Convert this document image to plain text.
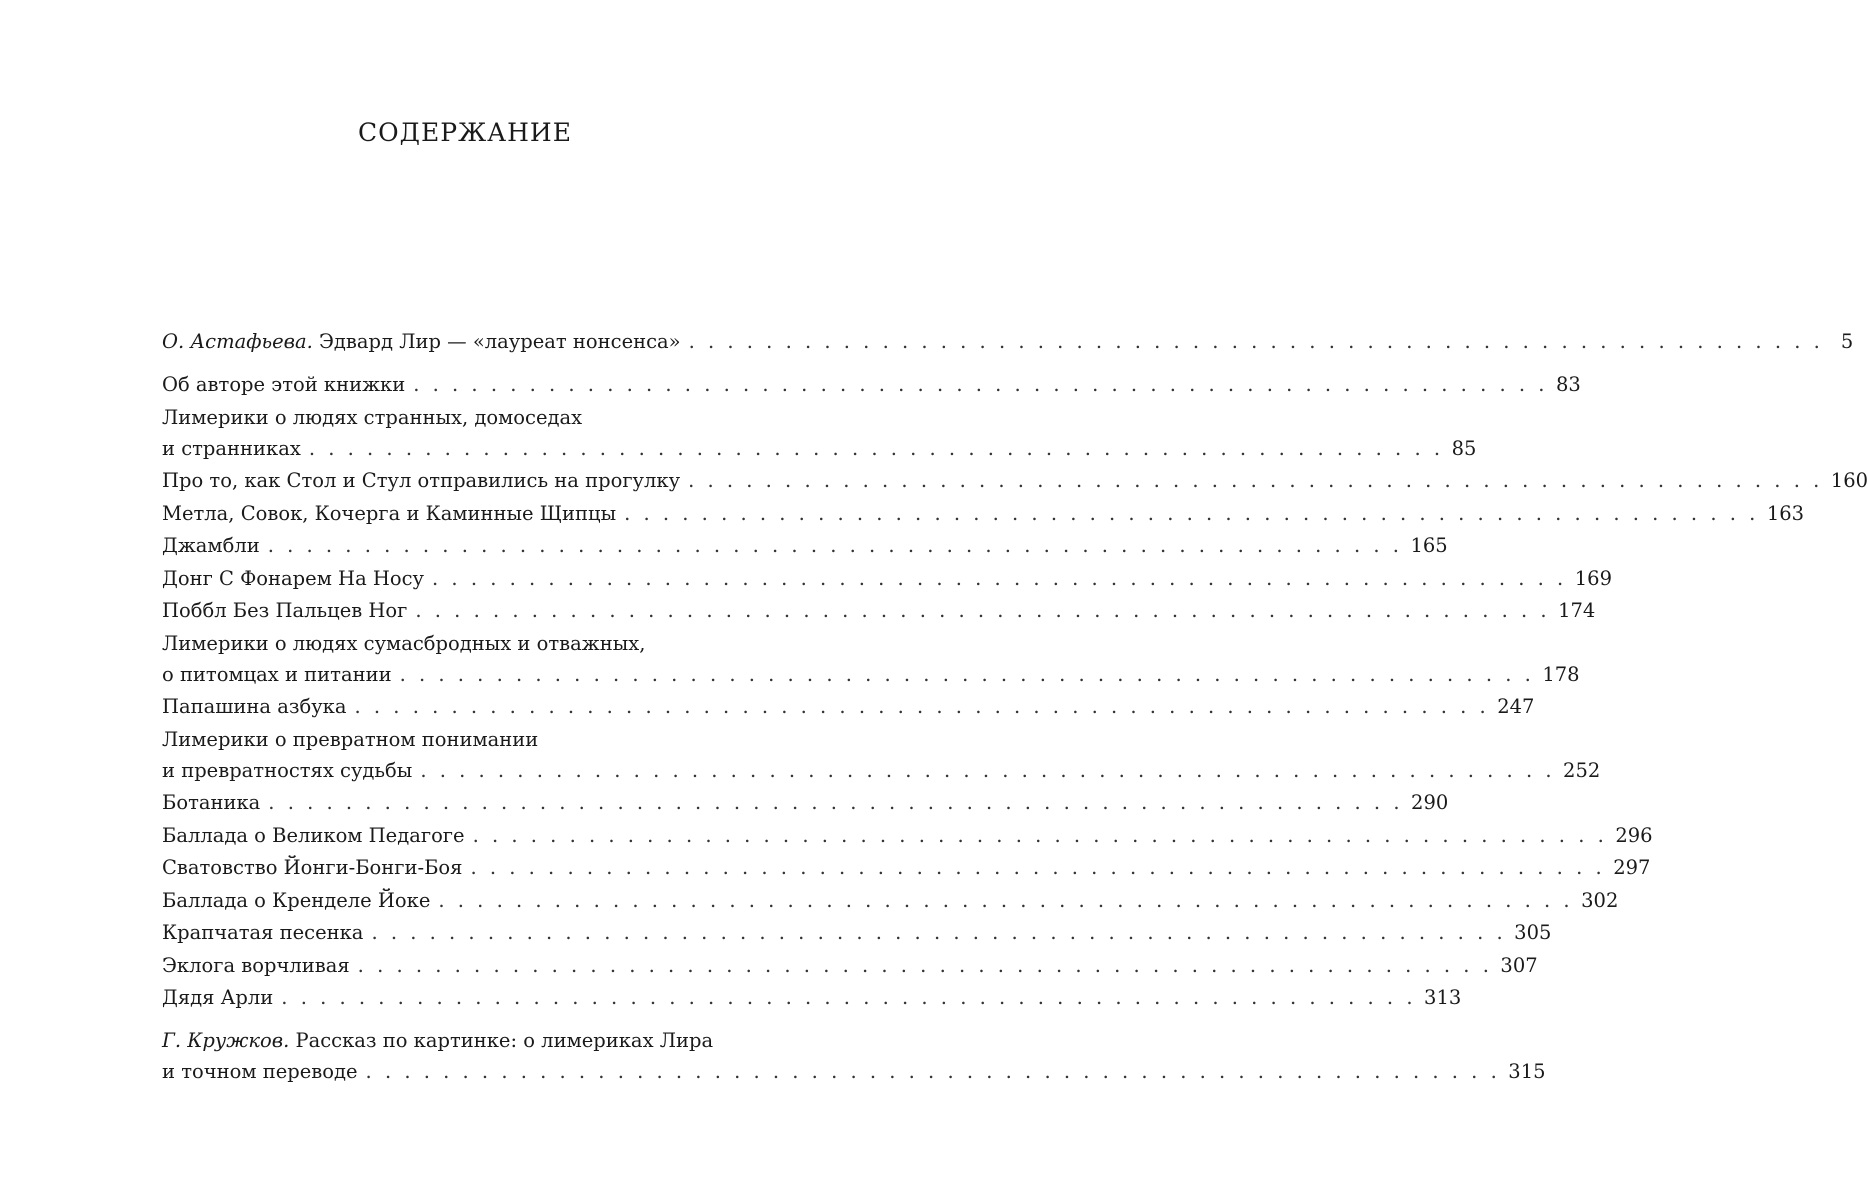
СОДЕРЖАНИЕ
О. Астафьева. Эдвард Лир — «лауреат нонсенса» . . . . . . . . . . . . . . . . . . . . . . . . . . . . . . . . . . . . . . . . . . . . . . . . . . . . . . . . . . . 5
Об авторе этой книжки . . . . . . . . . . . . . . . . . . . . . . . . . . . . . . . . . . . . . . . . . . . . . . . . . . . . . . . . . . . 83
Лимерики о людях странных, домоседах
и странниках . . . . . . . . . . . . . . . . . . . . . . . . . . . . . . . . . . . . . . . . . . . . . . . . . . . . . . . . . . . 85
Про то, как Стол и Стул отправились на прогулку . . . . . . . . . . . . . . . . . . . . . . . . . . . . . . . . . . . . . . . . . . . . . . . . . . . . . . . . . . . 160
Метла, Совок, Кочерга и Каминные Щипцы . . . . . . . . . . . . . . . . . . . . . . . . . . . . . . . . . . . . . . . . . . . . . . . . . . . . . . . . . . . 163
Джамбли . . . . . . . . . . . . . . . . . . . . . . . . . . . . . . . . . . . . . . . . . . . . . . . . . . . . . . . . . . . 165
Донг С Фонарем На Носу . . . . . . . . . . . . . . . . . . . . . . . . . . . . . . . . . . . . . . . . . . . . . . . . . . . . . . . . . . . 169
Поббл Без Пальцев Ног . . . . . . . . . . . . . . . . . . . . . . . . . . . . . . . . . . . . . . . . . . . . . . . . . . . . . . . . . . . 174
Лимерики о людях сумасбродных и отважных,
о питомцах и питании . . . . . . . . . . . . . . . . . . . . . . . . . . . . . . . . . . . . . . . . . . . . . . . . . . . . . . . . . . . 178
Папашина азбука . . . . . . . . . . . . . . . . . . . . . . . . . . . . . . . . . . . . . . . . . . . . . . . . . . . . . . . . . . . 247
Лимерики о превратном понимании
и превратностях судьбы . . . . . . . . . . . . . . . . . . . . . . . . . . . . . . . . . . . . . . . . . . . . . . . . . . . . . . . . . . . 252
Ботаника . . . . . . . . . . . . . . . . . . . . . . . . . . . . . . . . . . . . . . . . . . . . . . . . . . . . . . . . . . . 290
Баллада о Великом Педагоге . . . . . . . . . . . . . . . . . . . . . . . . . . . . . . . . . . . . . . . . . . . . . . . . . . . . . . . . . . . 296
Сватовство Йонги-Бонги-Боя . . . . . . . . . . . . . . . . . . . . . . . . . . . . . . . . . . . . . . . . . . . . . . . . . . . . . . . . . . . 297
Баллада о Кренделе Йоке . . . . . . . . . . . . . . . . . . . . . . . . . . . . . . . . . . . . . . . . . . . . . . . . . . . . . . . . . . . 302
Крапчатая песенка . . . . . . . . . . . . . . . . . . . . . . . . . . . . . . . . . . . . . . . . . . . . . . . . . . . . . . . . . . . 305
Эклога ворчливая . . . . . . . . . . . . . . . . . . . . . . . . . . . . . . . . . . . . . . . . . . . . . . . . . . . . . . . . . . . 307
Дядя Арли . . . . . . . . . . . . . . . . . . . . . . . . . . . . . . . . . . . . . . . . . . . . . . . . . . . . . . . . . . . 313
Г. Кружков. Рассказ по картинке: о лимериках Лира
и точном переводе . . . . . . . . . . . . . . . . . . . . . . . . . . . . . . . . . . . . . . . . . . . . . . . . . . . . . . . . . . . 315
